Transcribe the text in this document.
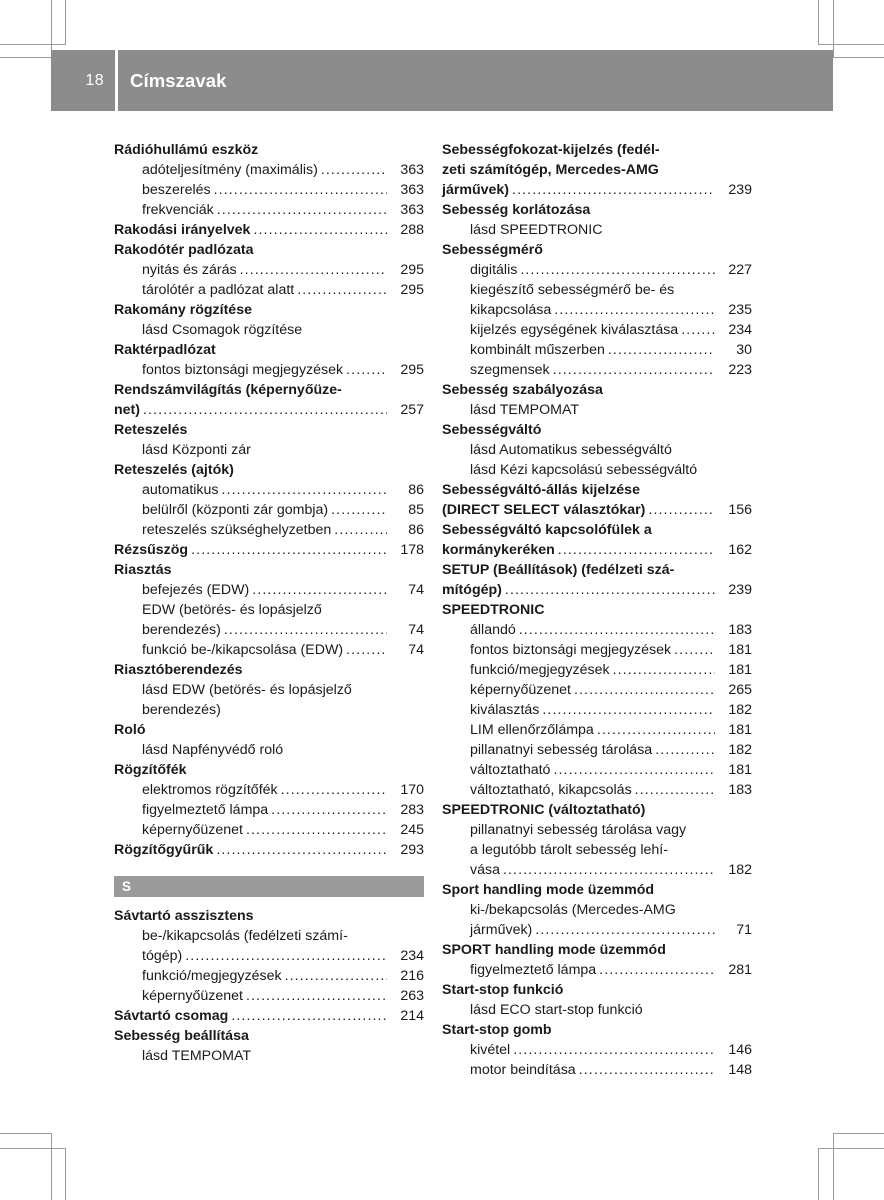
18 Címszavak
Rádióhullámú eszköz
adóteljesítmény (maximális) .....	363
beszerelés .....	363
frekvenciák .....	363
Rakodási irányelvek .....	288
Rakodótér padlózata
nyitás és zárás .....	295
tárolótér a padlózat alatt .....	295
Rakomány rögzítése
lásd Csomagok rögzítése
Raktérpadlózat
fontos biztonsági megjegyzések .....	295
Rendszámvilágítás (képernyőüze-
net) .....	257
Reteszelés
lásd Központi zár
Reteszelés (ajtók)
automatikus .....	86
belülről (központi zár gombja) .....	85
reteszelés szükséghelyzetben .....	86
Rézsűszög .....	178
Riasztás
befejezés (EDW) .....	74
EDW (betörés- és lopásjelző
berendezés) .....	74
funkció be-/kikapcsolása (EDW) .....	74
Riasztóberendezés
lásd EDW (betörés- és lopásjelző
berendezés)
Roló
lásd Napfényvédő roló
Rögzítőfék
elektromos rögzítőfék .....	170
figyelmeztető lámpa .....	283
képernyőüzenet .....	245
Rögzítőgyűrűk .....	293
S
Sávtartó asszisztens
be-/kikapcsolás (fedélzeti számí-
tógép) .....	234
funkció/megjegyzések .....	216
képernyőüzenet .....	263
Sávtartó csomag .....	214
Sebesség beállítása
lásd TEMPOMAT
Sebességfokozat-kijelzés (fedél-
zeti számítógép, Mercedes-AMG
járművek) .....	239
Sebesség korlátozása
lásd SPEEDTRONIC
Sebességmérő
digitális .....	227
kiegészítő sebességmérő be- és
kikapcsolása .....	235
kijelzés egységének kiválasztása .....	234
kombinált műszerben .....	30
szegmensek .....	223
Sebesség szabályozása
lásd TEMPOMAT
Sebességváltó
lásd Automatikus sebességváltó
lásd Kézi kapcsolású sebességváltó
Sebességváltó-állás kijelzése
(DIRECT SELECT választókar) .....	156
Sebességváltó kapcsolófülek a
kormánykeréken .....	162
SETUP (Beállítások) (fedélzeti szá-
mítógép) .....	239
SPEEDTRONIC
állandó .....	183
fontos biztonsági megjegyzések .....	181
funkció/megjegyzések .....	181
képernyőüzenet .....	265
kiválasztás .....	182
LIM ellenőrzőlámpa .....	181
pillanatnyi sebesség tárolása .....	182
változtatható .....	181
változtatható, kikapcsolás .....	183
SPEEDTRONIC (változtatható)
pillanatnyi sebesség tárolása vagy
a legutóbb tárolt sebesség lehí-
vása .....	182
Sport handling mode üzemmód
ki-/bekapcsolás (Mercedes-AMG
járművek) .....	71
SPORT handling mode üzemmód
figyelmeztető lámpa .....	281
Start-stop funkció
lásd ECO start-stop funkció
Start-stop gomb
kivétel .....	146
motor beindítása .....	148
